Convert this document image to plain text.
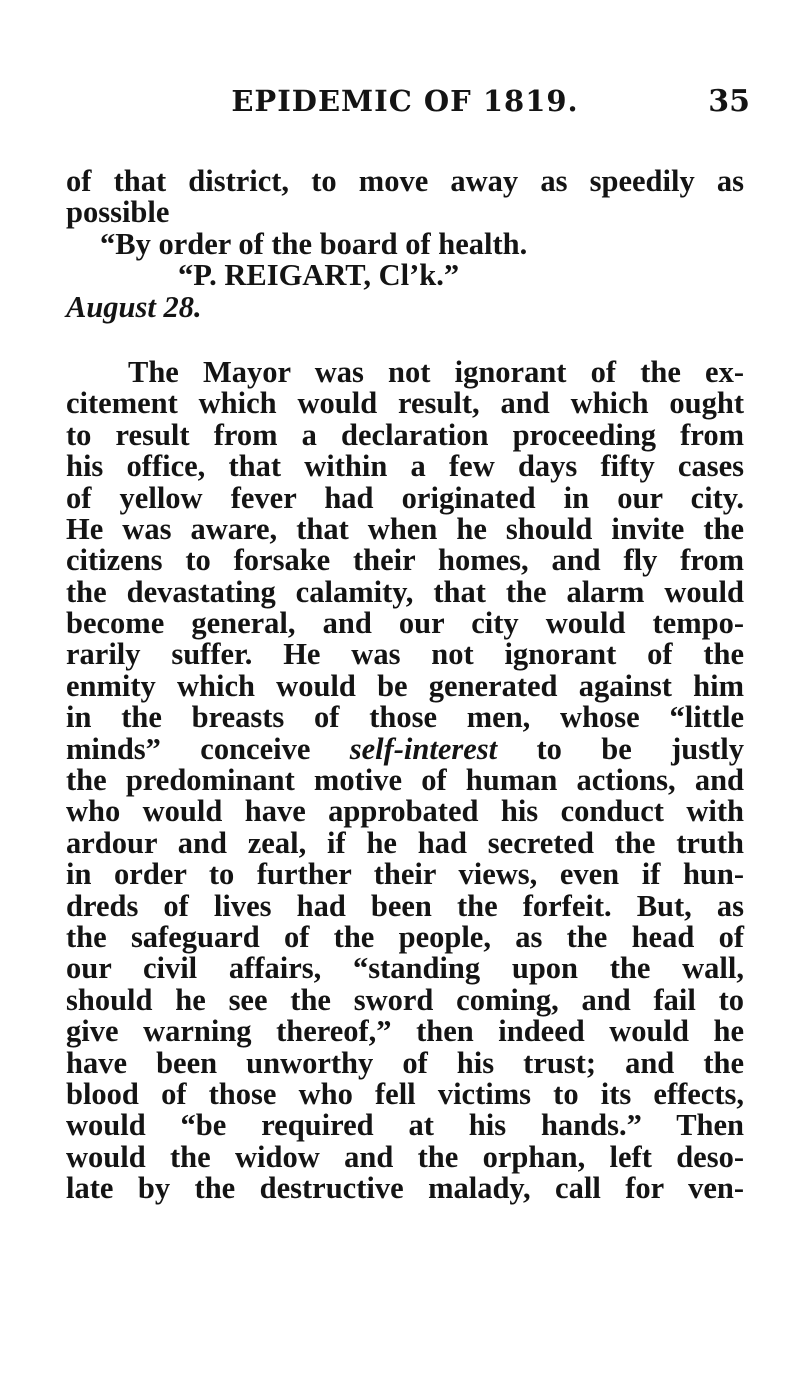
EPIDEMIC OF 1819.	35
of that district, to move away as speedily as
possible
“By order of the board of health.
“P. REIGART, Cl’k.”
August 28.
The Mayor was not ignorant of the ex-
citement which would result, and which ought
to result from a declaration proceeding from
his office, that within a few days fifty cases
of yellow fever had originated in our city.
He was aware, that when he should invite the
citizens to forsake their homes, and fly from
the devastating calamity, that the alarm would
become general, and our city would tempo-
rarily suffer. He was not ignorant of the
enmity which would be generated against him
in the breasts of those men, whose “little
minds” conceive self-interest to be justly
the predominant motive of human actions, and
who would have approbated his conduct with
ardour and zeal, if he had secreted the truth
in order to further their views, even if hun-
dreds of lives had been the forfeit. But, as
the safeguard of the people, as the head of
our civil affairs, “standing upon the wall,
should he see the sword coming, and fail to
give warning thereof,” then indeed would he
have been unworthy of his trust; and the
blood of those who fell victims to its effects,
would “be required at his hands.” Then
would the widow and the orphan, left deso-
late by the destructive malady, call for ven-
